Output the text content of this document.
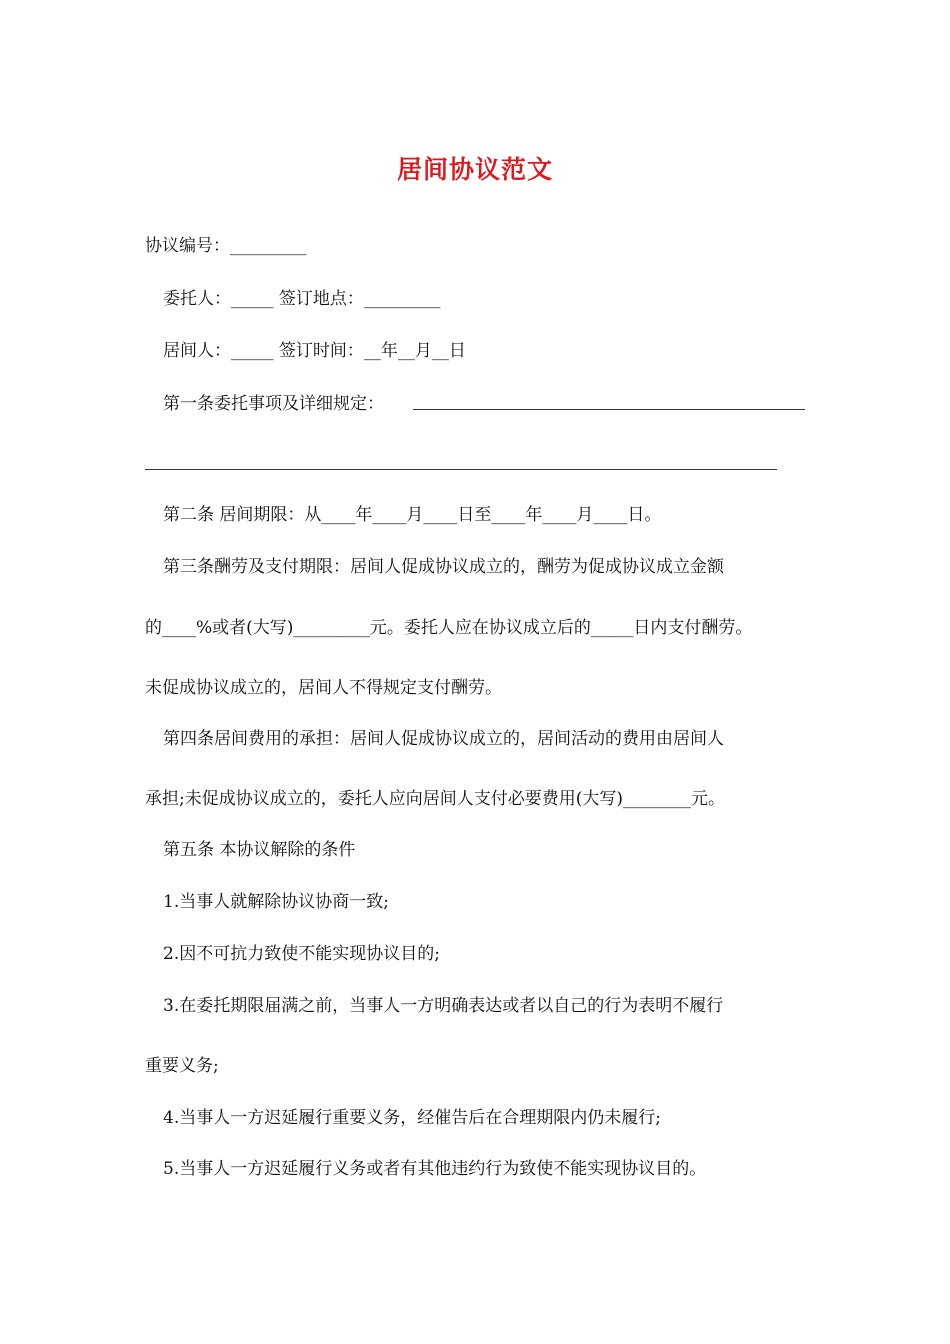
居间协议范文
协议编号：_________
委托人：_____ 签订地点：_________
居间人：_____ 签订时间：__年__月__日
第一条委托事项及详细规定：
第二条 居间期限：从____年____月____日至____年____月____日。
第三条酬劳及支付期限：居间人促成协议成立的，酬劳为促成协议成立金额
的____%或者(大写)_________元。委托人应在协议成立后的_____日内支付酬劳。
未促成协议成立的，居间人不得规定支付酬劳。
第四条居间费用的承担：居间人促成协议成立的，居间活动的费用由居间人
承担;未促成协议成立的，委托人应向居间人支付必要费用(大写)________元。
第五条 本协议解除的条件
1.当事人就解除协议协商一致;
2.因不可抗力致使不能实现协议目的;
3.在委托期限届满之前，当事人一方明确表达或者以自己的行为表明不履行
重要义务;
4.当事人一方迟延履行重要义务，经催告后在合理期限内仍未履行;
5.当事人一方迟延履行义务或者有其他违约行为致使不能实现协议目的。
